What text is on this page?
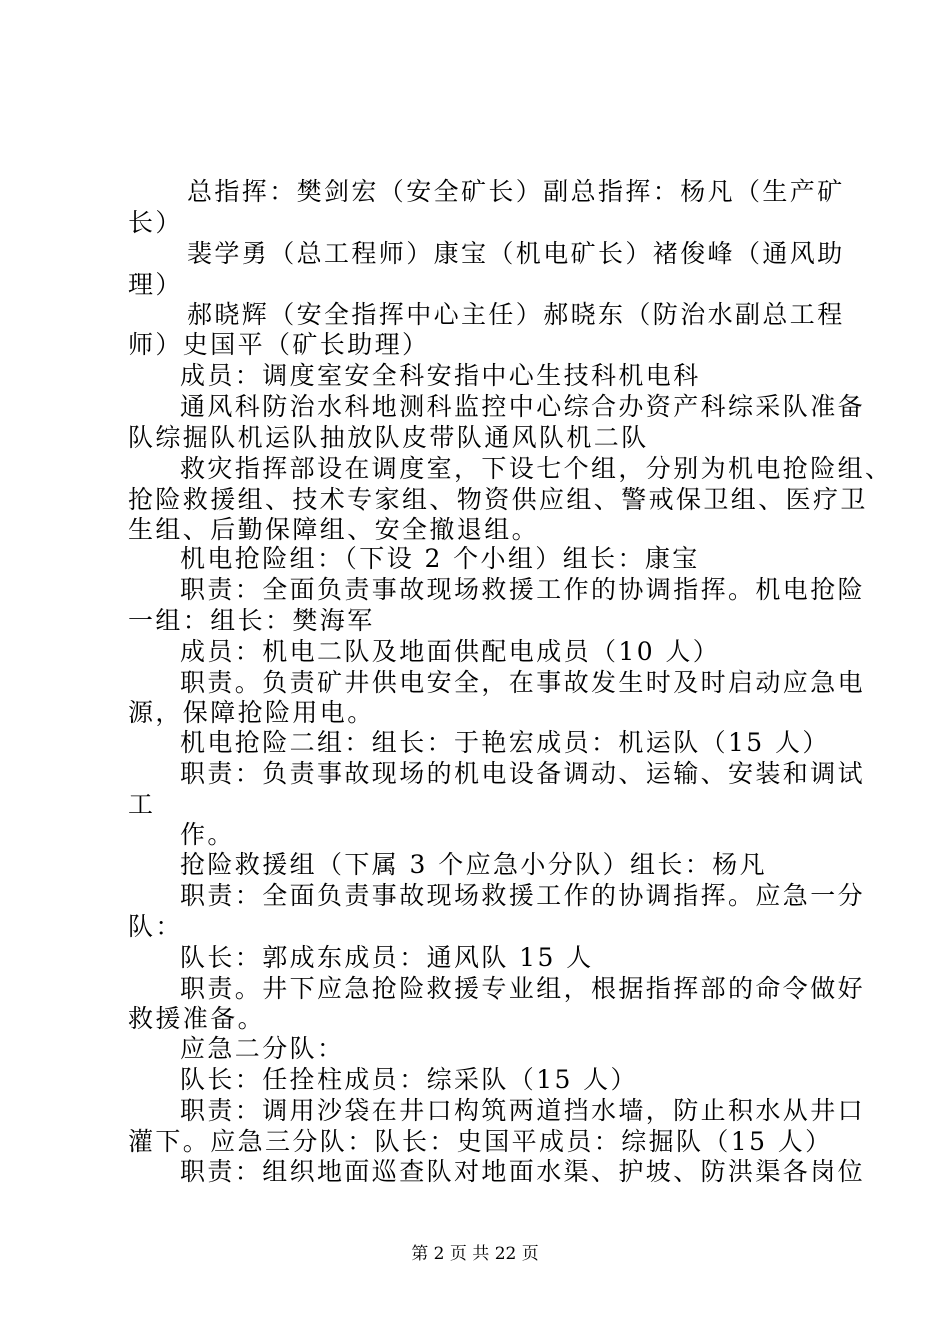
总指挥：樊剑宏（安全矿长）副总指挥：杨凡（生产矿
长）
裴学勇（总工程师）康宝（机电矿长）褚俊峰（通风助
理）
郝晓辉（安全指挥中心主任）郝晓东（防治水副总工程
师）史国平（矿长助理）
成员：调度室安全科安指中心生技科机电科
通风科防治水科地测科监控中心综合办资产科综采队准备
队综掘队机运队抽放队皮带队通风队机二队
救灾指挥部设在调度室，下设七个组，分别为机电抢险组、
抢险救援组、技术专家组、物资供应组、警戒保卫组、医疗卫
生组、后勤保障组、安全撤退组。
机电抢险组：（下设 2 个小组）组长：康宝
职责：全面负责事故现场救援工作的协调指挥。机电抢险
一组：组长：樊海军
成员：机电二队及地面供配电成员（10 人）
职责。负责矿井供电安全，在事故发生时及时启动应急电
源，保障抢险用电。
机电抢险二组：组长：于艳宏成员：机运队（15 人）
职责：负责事故现场的机电设备调动、运输、安装和调试
工
作。
抢险救援组（下属 3 个应急小分队）组长：杨凡
职责：全面负责事故现场救援工作的协调指挥。应急一分
队：
队长：郭成东成员：通风队 15 人
职责。井下应急抢险救援专业组，根据指挥部的命令做好
救援准备。
应急二分队：
队长：任拴柱成员：综采队（15 人）
职责：调用沙袋在井口构筑两道挡水墙，防止积水从井口
灌下。应急三分队：队长：史国平成员：综掘队（15 人）
职责：组织地面巡查队对地面水渠、护坡、防洪渠各岗位
第 2 页 共 22 页
